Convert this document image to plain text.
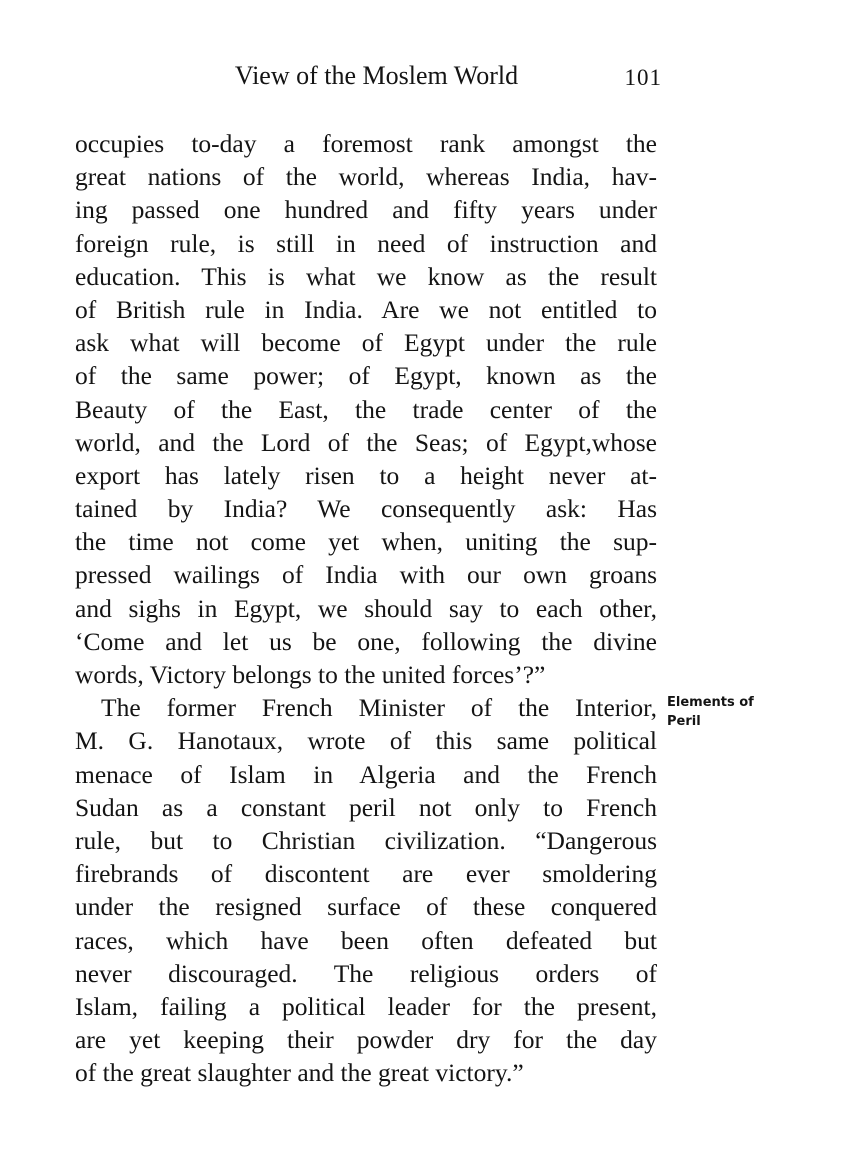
View of the Moslem World	101
occupies to-day a foremost rank amongst the
great nations of the world, whereas India, hav-
ing passed one hundred and fifty years under
foreign rule, is still in need of instruction and
education. This is what we know as the result
of British rule in India. Are we not entitled to
ask what will become of Egypt under the rule
of the same power; of Egypt, known as the
Beauty of the East, the trade center of the
world, and the Lord of the Seas; of Egypt,whose
export has lately risen to a height never at-
tained by India? We consequently ask: Has
the time not come yet when, uniting the sup-
pressed wailings of India with our own groans
and sighs in Egypt, we should say to each other,
‘Come and let us be one, following the divine
words, Victory belongs to the united forces’?”
The former French Minister of the Interior,
M. G. Hanotaux, wrote of this same political
menace of Islam in Algeria and the French
Sudan as a constant peril not only to French
rule, but to Christian civilization. “Dangerous
firebrands of discontent are ever smoldering
under the resigned surface of these conquered
races, which have been often defeated but
never discouraged. The religious orders of
Islam, failing a political leader for the present,
are yet keeping their powder dry for the day
of the great slaughter and the great victory.”
Elements of
Peril
